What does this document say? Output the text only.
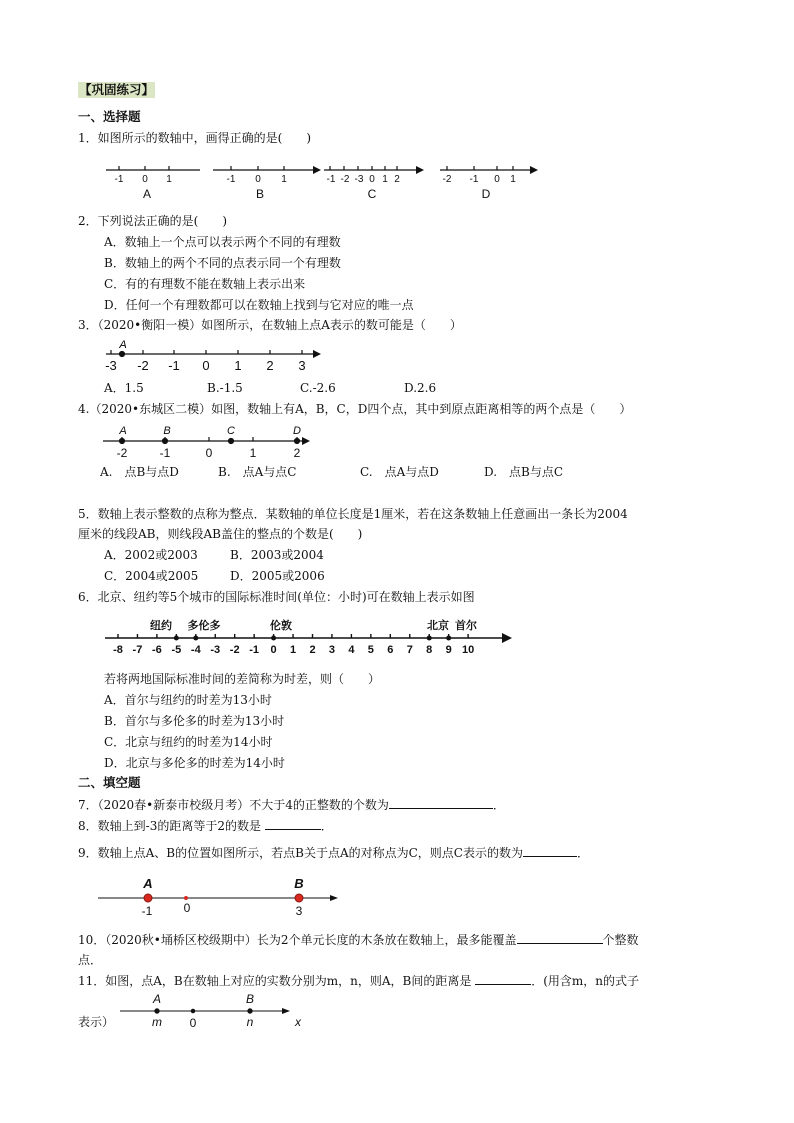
【巩固练习】
一、选择题
1．如图所示的数轴中，画得正确的是(　　)
-1 0 1	-1 0 1	-1 -2 -3 0 1 2	-2 -1 0 1
A	B	C	D
2．下列说法正确的是(　　)
A．数轴上一个点可以表示两个不同的有理数
B．数轴上的两个不同的点表示同一个有理数
C．有的有理数不能在数轴上表示出来
D．任何一个有理数都可以在数轴上找到与它对应的唯一点
3．（2020•衡阳一模）如图所示，在数轴上点A表示的数可能是（　　）
A
-3 -2 -1 0 1 2 3
A．1.5	B.-1.5	C.-2.6	D.2.6
4.（2020•东城区二模）如图，数轴上有A，B，C，D四个点，其中到原点距离相等的两个点是（　　）
A	B	C	D
-2	-1	0	1	2
A.　点B与点D	B.　点A与点C	C.　点A与点D	D.　点B与点C
5．数轴上表示整数的点称为整点．某数轴的单位长度是1厘米，若在这条数轴上任意画出一条长为2004
厘米的线段AB，则线段AB盖住的整点的个数是(　　)
A．2002或2003	B．2003或2004
C．2004或2005	D．2005或2006
6．北京、纽约等5个城市的国际标准时间(单位：小时)可在数轴上表示如图
-8 -7 -6 -5 -4 -3 -2 -1 0 1 2 3 4 5 6 7 8 9 10
纽约 多伦多	伦敦	北京 首尔
若将两地国际标准时间的差简称为时差，则（　　）
A．首尔与纽约的时差为13小时
B．首尔与多伦多的时差为13小时
C．北京与纽约的时差为14小时
D．北京与多伦多的时差为14小时
二、填空题
7．（2020春•新泰市校级月考）不大于4的正整数的个数为	．
8．数轴上到-3的距离等于2的数是	．
9．数轴上点A、B的位置如图所示，若点B关于点A的对称点为C，则点C表示的数为	．
A	B
-1	0	3
10．（2020秋•埇桥区校级期中）长为2个单元长度的木条放在数轴上，最多能覆盖	个整数
点．
11．如图，点A，B在数轴上对应的实数分别为m，n，则A，B间的距离是	．(用含m，n的式子
表示）
A	B
m	n	x
0
